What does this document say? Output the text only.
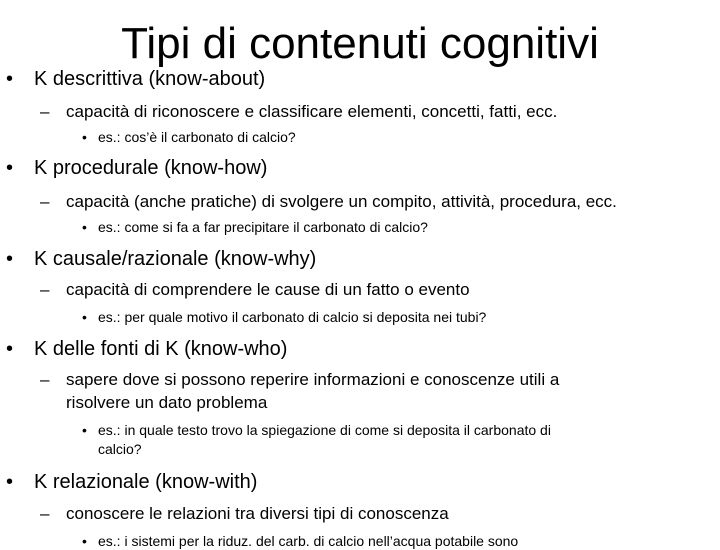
Tipi di contenuti cognitivi
• K descrittiva (know-about)
– capacità di riconoscere e classificare elementi, concetti, fatti, ecc.
• es.: cos’è il carbonato di calcio?
• K procedurale (know-how)
– capacità (anche pratiche) di svolgere un compito, attività, procedura, ecc.
• es.: come si fa a far precipitare il carbonato di calcio?
• K causale/razionale (know-why)
– capacità di comprendere le cause di un fatto o evento
• es.: per quale motivo il carbonato di calcio si deposita nei tubi?
• K delle fonti di K (know-who)
– sapere dove si possono reperire informazioni e conoscenze utili a
risolvere un dato problema
• es.: in quale testo trovo la spiegazione di come si deposita il carbonato di
calcio?
• K relazionale (know-with)
– conoscere le relazioni tra diversi tipi di conoscenza
• es.: i sistemi per la riduz. del carb. di calcio nell’acqua potabile sono
